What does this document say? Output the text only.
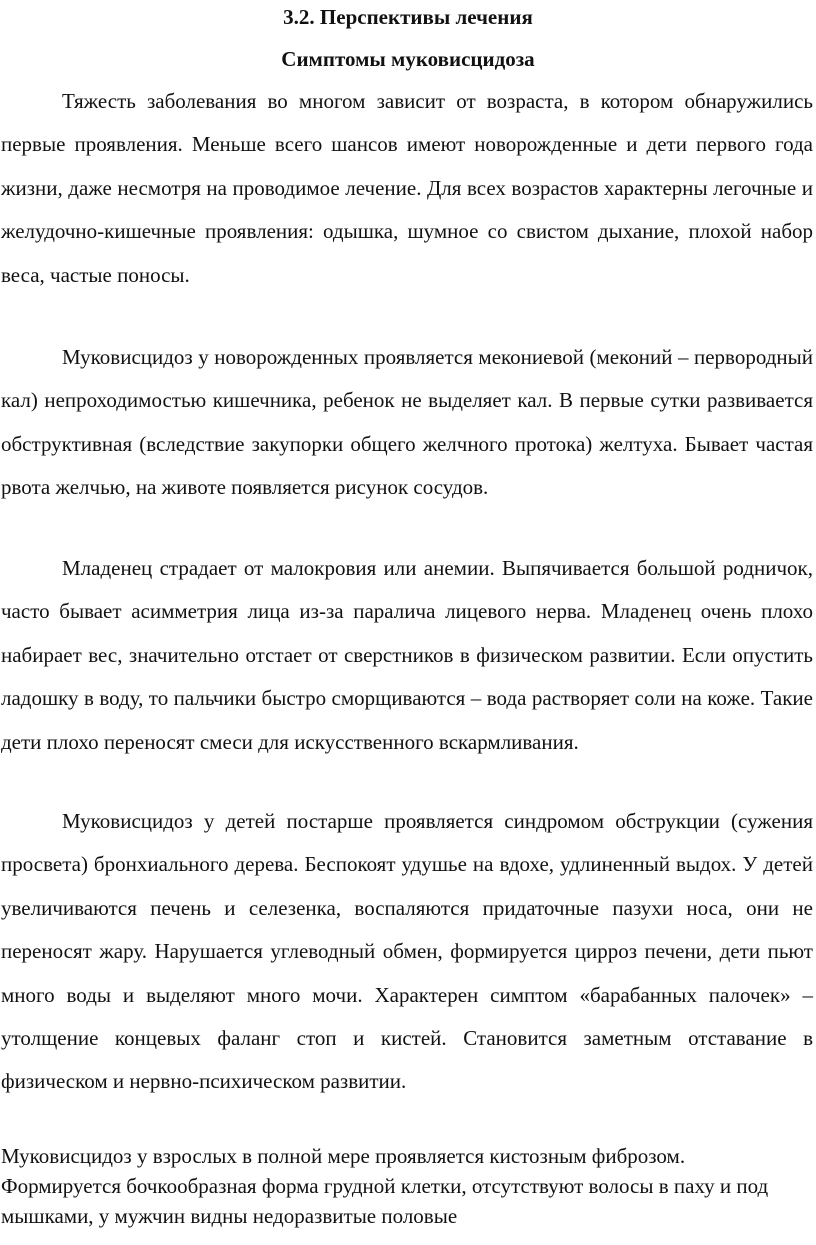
3.2. Перспективы лечения
Симптомы муковисцидоза

Тяжесть заболевания во многом зависит от возраста, в котором обнаружились первые проявления. Меньше всего шансов имеют новорожденные и дети первого года жизни, даже несмотря на проводимое лечение. Для всех возрастов характерны легочные и желудочно-кишечные проявления: одышка, шумное со свистом дыхание, плохой набор веса, частые поносы.

Муковисцидоз у новорожденных проявляется мекониевой (меконий – первородный кал) непроходимостью кишечника, ребенок не выделяет кал. В первые сутки развивается обструктивная (вследствие закупорки общего желчного протока) желтуха. Бывает частая рвота желчью, на животе появляется рисунок сосудов.

Младенец страдает от малокровия или анемии. Выпячивается большой родничок, часто бывает асимметрия лица из-за паралича лицевого нерва. Младенец очень плохо набирает вес, значительно отстает от сверстников в физическом развитии. Если опустить ладошку в воду, то пальчики быстро сморщиваются – вода растворяет соли на коже. Такие дети плохо переносят смеси для искусственного вскармливания.

Муковисцидоз у детей постарше проявляется синдромом обструкции (сужения просвета) бронхиального дерева. Беспокоят удушье на вдохе, удлиненный выдох. У детей увеличиваются печень и селезенка, воспаляются придаточные пазухи носа, они не переносят жару. Нарушается углеводный обмен, формируется цирроз печени, дети пьют много воды и выделяют много мочи. Характерен симптом «барабанных палочек» – утолщение концевых фаланг стоп и кистей. Становится заметным отставание в физическом и нервно-психическом развитии.

Муковисцидоз у взрослых в полной мере проявляется кистозным фиброзом. Формируется бочкообразная форма грудной клетки, отсутствуют волосы в паху и под мышками, у мужчин видны недоразвитые половые
